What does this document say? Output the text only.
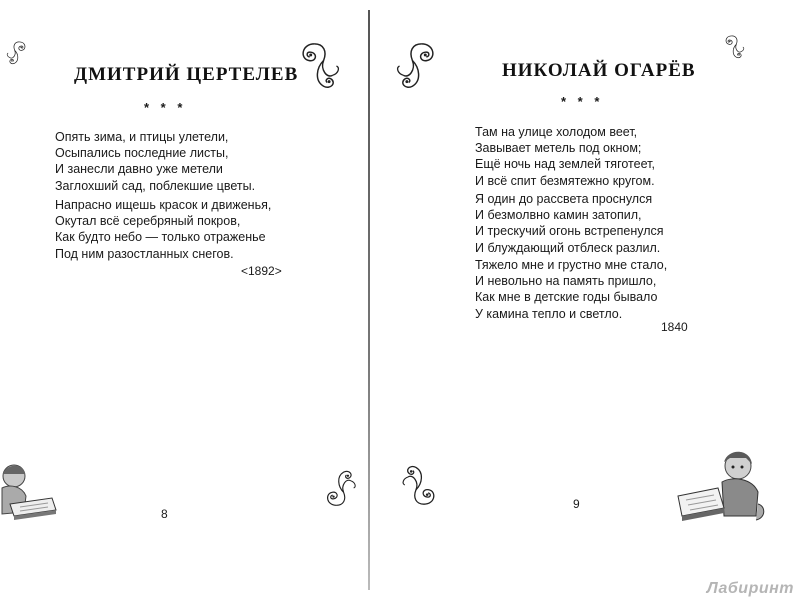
ДМИТРИЙ ЦЕРТЕЛЕВ
* * *
Опять зима, и птицы улетели,
Осыпались последние листы,
И занесли давно уже метели
Заглохший сад, поблекшие цветы.
Напрасно ищешь красок и движенья,
Окутал всё серебряный покров,
Как будто небо — только отраженье
Под ним разостланных снегов.
<1892>
8
НИКОЛАЙ ОГАРЁВ
* * *
Там на улице холодом веет,
Завывает метель под окном;
Ещё ночь над землей тяготеет,
И всё спит безмятежно кругом.
Я один до рассвета проснулся
И безмолвно камин затопил,
И трескучий огонь встрепенулся
И блуждающий отблеск разлил.
Тяжело мне и грустно мне стало,
И невольно на память пришло,
Как мне в детские годы бывало
У камина тепло и светло.
1840
9
Лабиринт
